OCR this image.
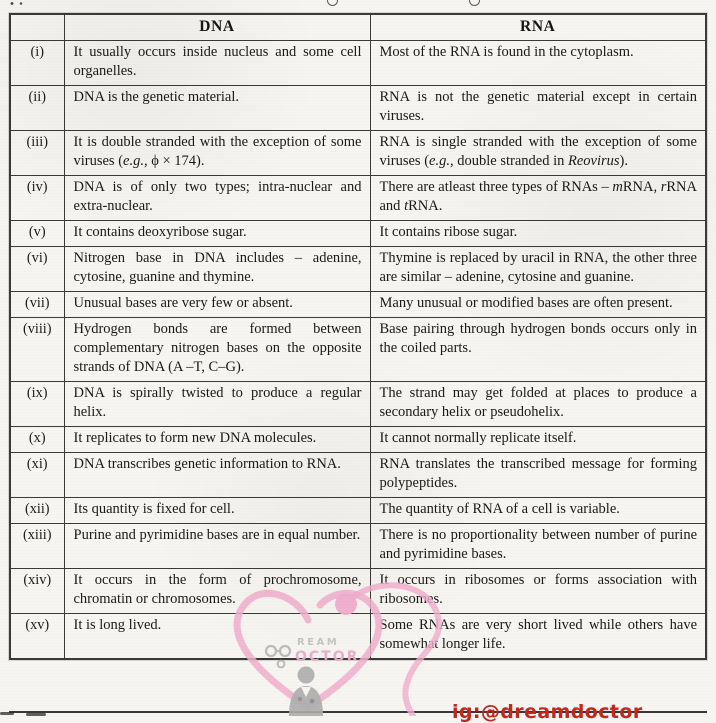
	DNA	RNA
(i)	It usually occurs inside nucleus and some cell organelles.	Most of the RNA is found in the cytoplasm.
(ii)	DNA is the genetic material.	RNA is not the genetic material except in certain viruses.
(iii)	It is double stranded with the exception of some viruses (e.g., ϕ × 174).	RNA is single stranded with the exception of some viruses (e.g., double stranded in Reovirus).
(iv)	DNA is of only two types; intra-nuclear and extra-nuclear.	There are atleast three types of RNAs – mRNA, rRNA and tRNA.
(v)	It contains deoxyribose sugar.	It contains ribose sugar.
(vi)	Nitrogen base in DNA includes – adenine, cytosine, guanine and thymine.	Thymine is replaced by uracil in RNA, the other three are similar – adenine, cytosine and guanine.
(vii)	Unusual bases are very few or absent.	Many unusual or modified bases are often present.
(viii)	Hydrogen bonds are formed between complementary nitrogen bases on the opposite strands of DNA (A –T, C–G).	Base pairing through hydrogen bonds occurs only in the coiled parts.
(ix)	DNA is spirally twisted to produce a regular helix.	The strand may get folded at places to produce a secondary helix or pseudohelix.
(x)	It replicates to form new DNA molecules.	It cannot normally replicate itself.
(xi)	DNA transcribes genetic information to RNA.	RNA translates the transcribed message for forming polypeptides.
(xii)	Its quantity is fixed for cell.	The quantity of RNA of a cell is variable.
(xiii)	Purine and pyrimidine bases are in equal number.	There is no proportionality between number of purine and pyrimidine bases.
(xiv)	It occurs in the form of prochromosome, chromatin or chromosomes.	It occurs in ribosomes or forms association with ribosomes.
(xv)	It is long lived.	Some RNAs are very short lived while others have somewhat longer life.
REAM
OCTOR
ig:@dreamdoctor
